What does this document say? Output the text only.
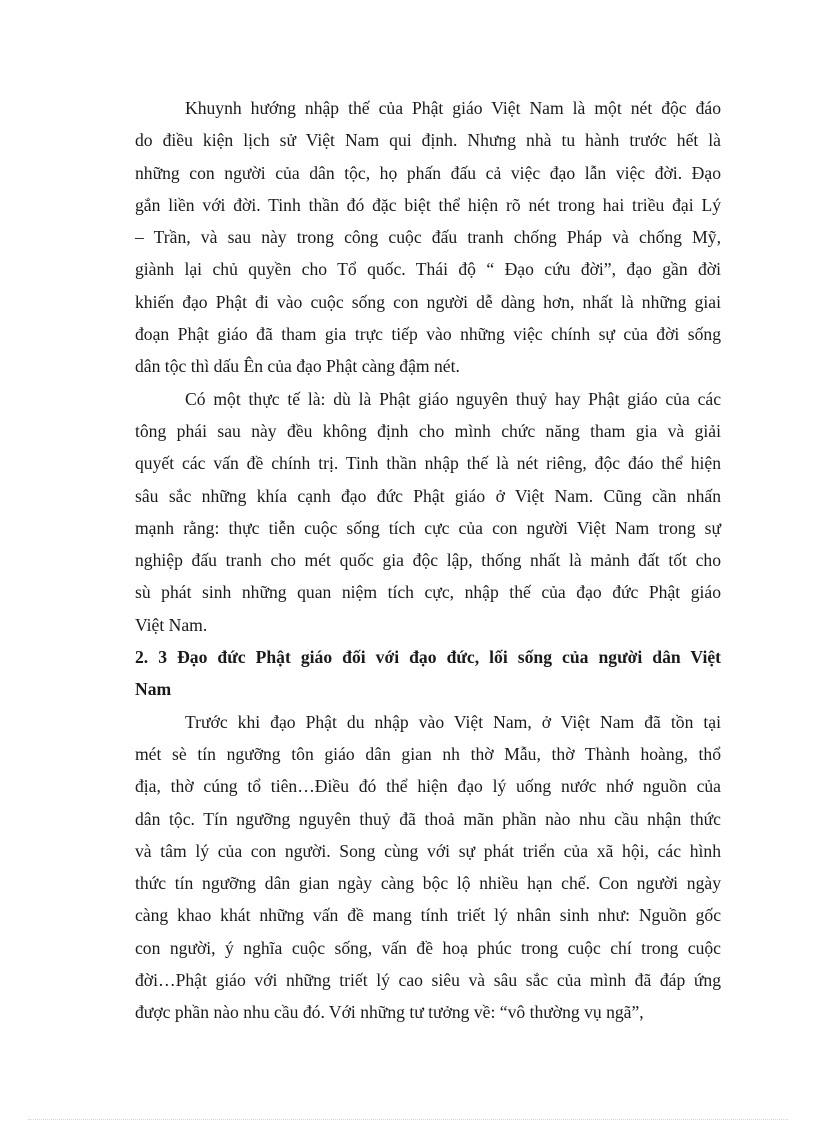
Khuynh hướng nhập thế của Phật giáo Việt Nam là một nét độc đáo
do điều kiện lịch sử Việt Nam qui định. Nhưng nhà tu hành trước hết là
những con người của dân tộc, họ phấn đấu cả việc đạo lẫn việc đời. Đạo
gắn liền với đời. Tinh thần đó đặc biệt thể hiện rõ nét trong hai triều đại Lý
– Trần, và sau này trong công cuộc đấu tranh chống Pháp và chống Mỹ,
giành lại chủ quyền cho Tổ quốc. Thái độ “ Đạo cứu đời”, đạo gần đời
khiến đạo Phật đi vào cuộc sống con người dễ dàng hơn, nhất là những giai
đoạn Phật giáo đã tham gia trực tiếp vào những việc chính sự của đời sống
dân tộc thì dấu Ên của đạo Phật càng đậm nét.
Có một thực tế là: dù là Phật giáo nguyên thuỷ hay Phật giáo của các
tông phái sau này đều không định cho mình chức năng tham gia và giải
quyết các vấn đề chính trị. Tinh thần nhập thế là nét riêng, độc đáo thể hiện
sâu sắc những khía cạnh đạo đức Phật giáo ở Việt Nam. Cũng cần nhấn
mạnh rằng: thực tiễn cuộc sống tích cực của con người Việt Nam trong sự
nghiệp đấu tranh cho mét quốc gia độc lập, thống nhất là mảnh đất tốt cho
sù phát sinh những quan niệm tích cực, nhập thế của đạo đức Phật giáo
Việt Nam.
2. 3 Đạo đức Phật giáo đối với đạo đức, lối sống của người dân Việt
Nam
Trước khi đạo Phật du nhập vào Việt Nam, ở Việt Nam đã tồn tại
mét sè tín ngưỡng tôn giáo dân gian nh thờ Mẫu, thờ Thành hoàng, thổ
địa, thờ cúng tổ tiên…Điều đó thể hiện đạo lý uống nước nhớ nguồn của
dân tộc. Tín ngưỡng nguyên thuỷ đã thoả mãn phần nào nhu cầu nhận thức
và tâm lý của con người. Song cùng với sự phát triển của xã hội, các hình
thức tín ngưỡng dân gian ngày càng bộc lộ nhiều hạn chế. Con người ngày
càng khao khát những vấn đề mang tính triết lý nhân sinh như: Nguồn gốc
con người, ý nghĩa cuộc sống, vấn đề hoạ phúc trong cuộc chí trong cuộc
đời…Phật giáo với những triết lý cao siêu và sâu sắc của mình đã đáp ứng
được phần nào nhu cầu đó. Với những tư tưởng về: “vô thường vụ ngã”,
